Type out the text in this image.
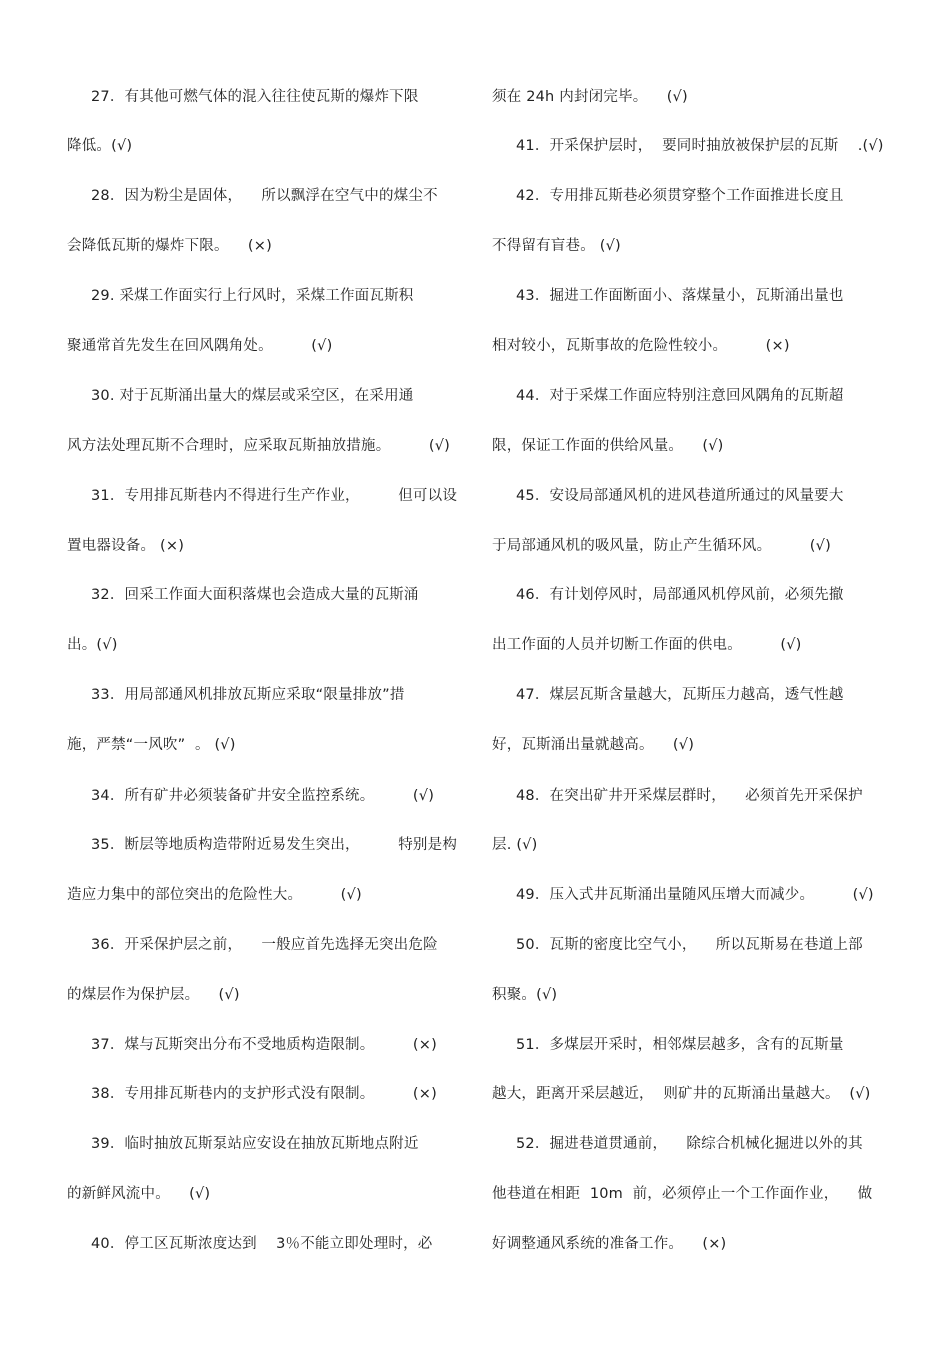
27．有其他可燃气体的混入往往使瓦斯的爆炸下限
降低。(√)
28．因为粉尘是固体，    所以飘浮在空气中的煤尘不
会降低瓦斯的爆炸下限。    (×)
29. 采煤工作面实行上行风时，采煤工作面瓦斯积
聚通常首先发生在回风隅角处。        (√)
30. 对于瓦斯涌出量大的煤层或采空区，在采用通
风方法处理瓦斯不合理时，应采取瓦斯抽放措施。        (√)
31．专用排瓦斯巷内不得进行生产作业，        但可以设
置电器设备。 (×)
32．回采工作面大面积落煤也会造成大量的瓦斯涌
出。(√)
33．用局部通风机排放瓦斯应采取“限量排放”措
施，严禁“一风吹”  。 (√)
34．所有矿井必须装备矿井安全监控系统。        (√)
35．断层等地质构造带附近易发生突出，        特别是构
造应力集中的部位突出的危险性大。        (√)
36．开采保护层之前，    一般应首先选择无突出危险
的煤层作为保护层。    (√)
37．煤与瓦斯突出分布不受地质构造限制。        (×)
38．专用排瓦斯巷内的支护形式没有限制。        (×)
39．临时抽放瓦斯泵站应安设在抽放瓦斯地点附近
的新鲜风流中。    (√)
40．停工区瓦斯浓度达到    3％不能立即处理时，必
须在 24h 内封闭完毕。    (√)
41．开采保护层时，  要同时抽放被保护层的瓦斯    .(√)
42．专用排瓦斯巷必须贯穿整个工作面推进长度且
不得留有盲巷。 (√)
43．掘进工作面断面小、落煤量小，瓦斯涌出量也
相对较小，瓦斯事故的危险性较小。        (×)
44．对于采煤工作面应特别注意回风隅角的瓦斯超
限，保证工作面的供给风量。    (√)
45．安设局部通风机的进风巷道所通过的风量要大
于局部通风机的吸风量，防止产生循环风。        (√)
46．有计划停风时，局部通风机停风前，必须先撤
出工作面的人员并切断工作面的供电。        (√)
47．煤层瓦斯含量越大，瓦斯压力越高，透气性越
好，瓦斯涌出量就越高。    (√)
48．在突出矿井开采煤层群时，    必须首先开采保护
层. (√)
49．压入式井瓦斯涌出量随风压增大而减少。        (√)
50．瓦斯的密度比空气小，    所以瓦斯易在巷道上部
积聚。(√)
51．多煤层开采时，相邻煤层越多，含有的瓦斯量
越大，距离开采层越近，  则矿井的瓦斯涌出量越大。  (√)
52．掘进巷道贯通前，    除综合机械化掘进以外的其
他巷道在相距  10m  前，必须停止一个工作面作业，    做
好调整通风系统的准备工作。    (×)
